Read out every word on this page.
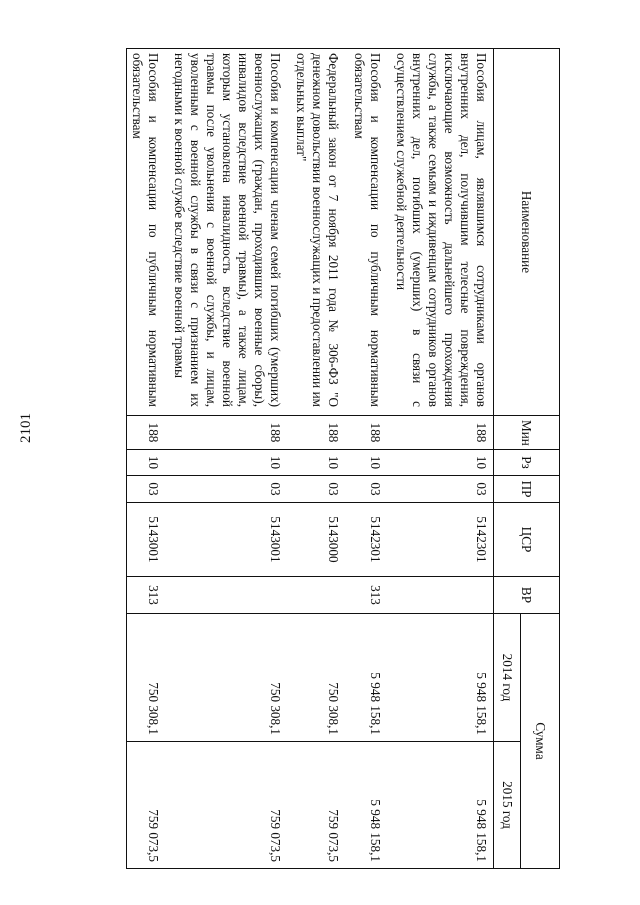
2101
Наименование	Мин	Рз	ПР	ЦСР	ВР	Сумма	
						2014 год	2015 год
Пособия лицам, являвшимся сотрудниками органов внутренних дел, получившим телесные повреждения, исключающие возможность дальнейшего прохождения службы, а также семьям и иждивенцам сотрудников органов внутренних дел, погибших (умерших) в связи с осуществлением служебной деятельности	188	10	03	5142301		5 948 158,1	5 948 158,1
Пособия и компенсации по публичным нормативным обязательствам	188	10	03	5142301	313	5 948 158,1	5 948 158,1
Федеральный закон от 7 ноября 2011 года № 306-ФЗ "О денежном довольствии военнослужащих и предоставлении им отдельных выплат"	188	10	03	5143000		750 308,1	759 073,5
Пособия и компенсации членам семей погибших (умерших) военнослужащих (граждан, проходивших военные сборы), инвалидов вследствие военной травмы), а также лицам, которым установлена инвалидность вследствие военной травмы после увольнения с военной службы, и лицам, уволенным с военной службы в связи с признанием их негодными к военной службе вследствие военной травмы	188	10	03	5143001		750 308,1	759 073,5
Пособия и компенсации по публичным нормативным обязательствам	188	10	03	5143001	313	750 308,1	759 073,5
